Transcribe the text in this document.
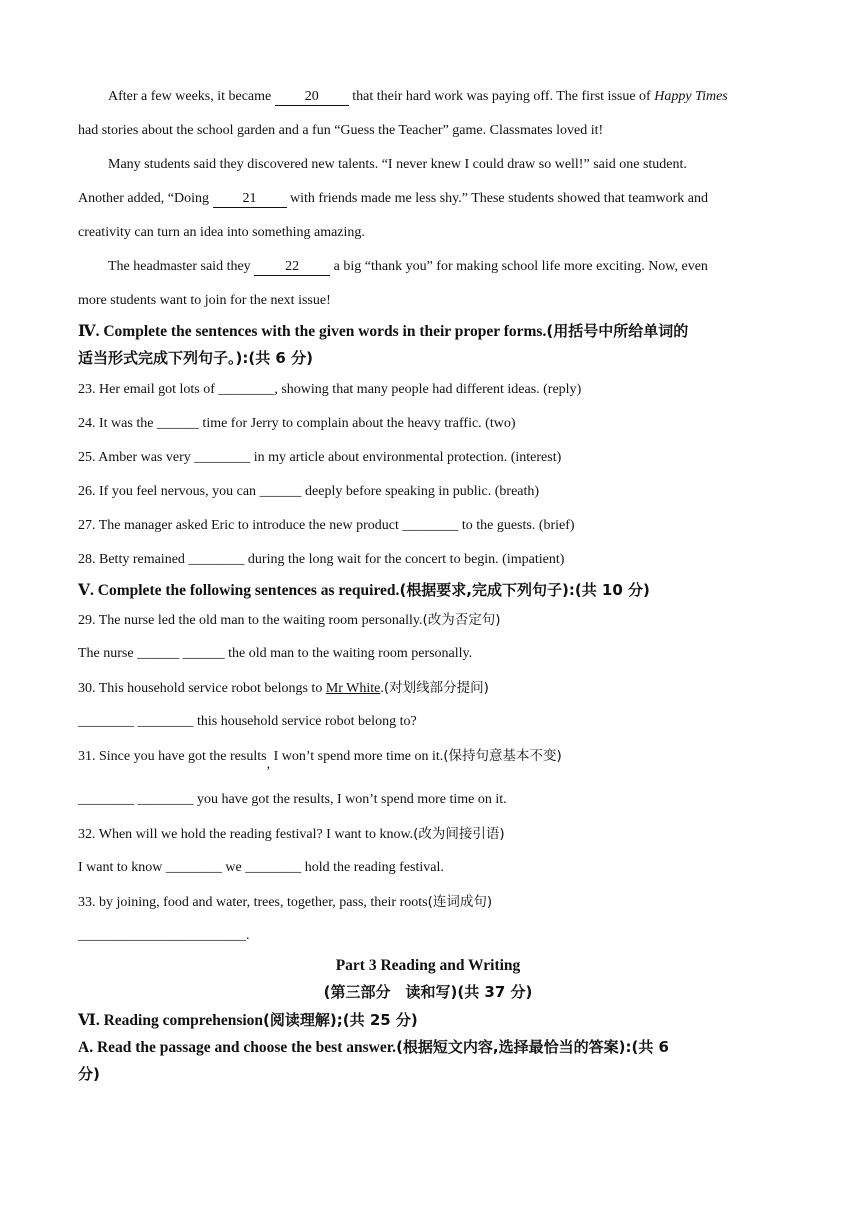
After a few weeks, it became 20 that their hard work was paying off. The first issue of Happy Times
had stories about the school garden and a fun “Guess the Teacher” game. Classmates loved it!
Many students said they discovered new talents. “I never knew I could draw so well!” said one student.
Another added, “Doing 21 with friends made me less shy.” These students showed that teamwork and
creativity can turn an idea into something amazing.
The headmaster said they 22 a big “thank you” for making school life more exciting. Now, even
more students want to join for the next issue!
Ⅳ. Complete the sentences with the given words in their proper forms.(用括号中所给单词的
适当形式完成下列句子。):(共 6 分)
23. Her email got lots of ________, showing that many people had different ideas. (reply)
24. It was the ______ time for Jerry to complain about the heavy traffic. (two)
25. Amber was very ________ in my article about environmental protection. (interest)
26. If you feel nervous, you can ______ deeply before speaking in public. (breath)
27. The manager asked Eric to introduce the new product ________ to the guests. (brief)
28. Betty remained ________ during the long wait for the concert to begin. (impatient)
Ⅴ. Complete the following sentences as required.(根据要求,完成下列句子):(共 10 分)
29. The nurse led the old man to the waiting room personally.(改为否定句)
The nurse ______ ______ the old man to the waiting room personally.
30. This household service robot belongs to Mr White.(对划线部分提问)
________ ________ this household service robot belong to?
31. Since you have got the results, I won’t spend more time on it.(保持句意基本不变)
________ ________ you have got the results, I won’t spend more time on it.
32. When will we hold the reading festival? I want to know.(改为间接引语)
I want to know ________ we ________ hold the reading festival.
33. by joining, food and water, trees, together, pass, their roots(连词成句)
________________________.
Part 3 Reading and Writing
(第三部分　读和写)(共 37 分)
Ⅵ. Reading comprehension(阅读理解);(共 25 分)
A. Read the passage and choose the best answer.(根据短文内容,选择最恰当的答案):(共 6
分)
